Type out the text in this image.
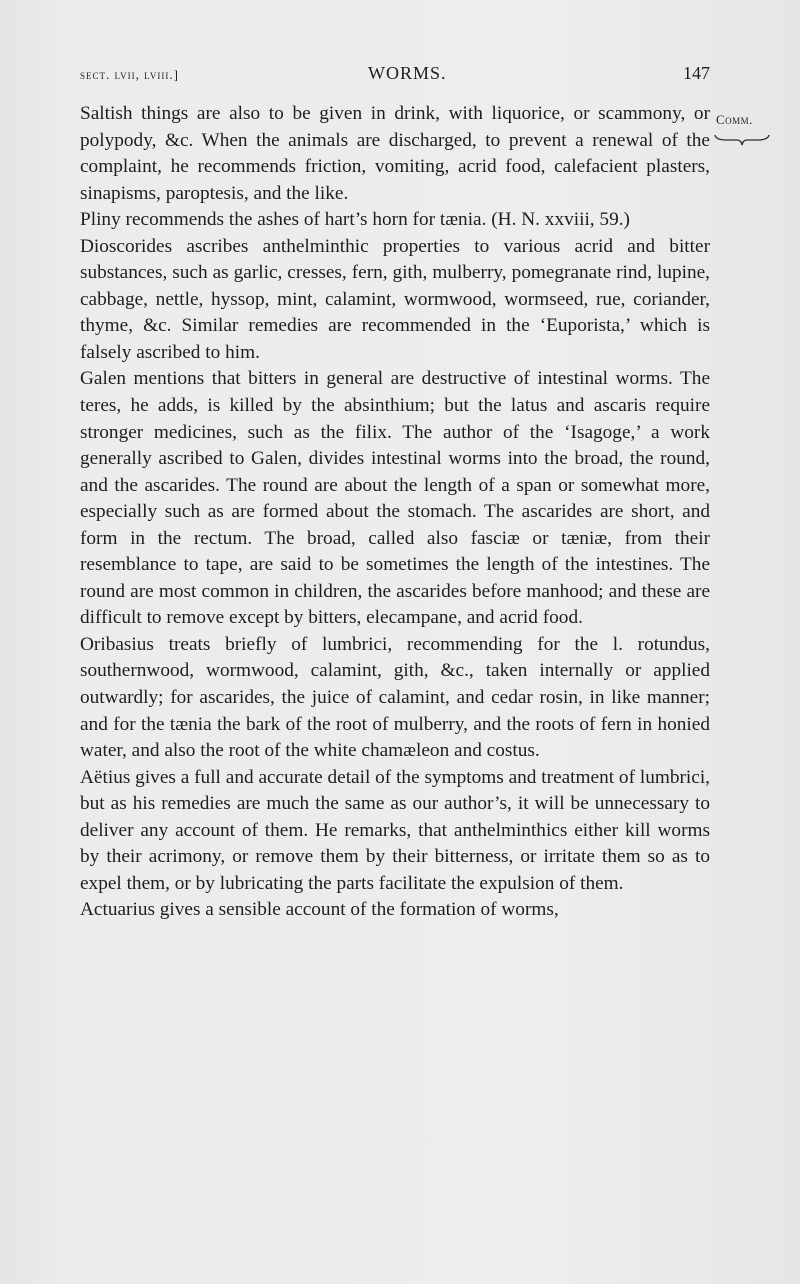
sect. lvii, lviii.]	WORMS.	147
Comm.

Saltish things are also to be given in drink, with liquorice, or scammony, or polypody, &c. When the animals are discharged, to prevent a renewal of the complaint, he recommends friction, vomiting, acrid food, calefacient plasters, sinapisms, paroptesis, and the like.

Pliny recommends the ashes of hart’s horn for tænia. (H. N. xxviii, 59.)

Dioscorides ascribes anthelminthic properties to various acrid and bitter substances, such as garlic, cresses, fern, gith, mulberry, pomegranate rind, lupine, cabbage, nettle, hyssop, mint, calamint, wormwood, wormseed, rue, coriander, thyme, &c. Similar remedies are recommended in the ‘Euporista,’ which is falsely ascribed to him.

Galen mentions that bitters in general are destructive of intestinal worms. The teres, he adds, is killed by the absinthium; but the latus and ascaris require stronger medicines, such as the filix. The author of the ‘Isagoge,’ a work generally ascribed to Galen, divides intestinal worms into the broad, the round, and the ascarides. The round are about the length of a span or somewhat more, especially such as are formed about the stomach. The ascarides are short, and form in the rectum. The broad, called also fasciæ or tæniæ, from their resemblance to tape, are said to be sometimes the length of the intestines. The round are most common in children, the ascarides before manhood; and these are difficult to remove except by bitters, elecampane, and acrid food.

Oribasius treats briefly of lumbrici, recommending for the l. rotundus, southernwood, wormwood, calamint, gith, &c., taken internally or applied outwardly; for ascarides, the juice of calamint, and cedar rosin, in like manner; and for the tænia the bark of the root of mulberry, and the roots of fern in honied water, and also the root of the white chamæleon and costus.

Aëtius gives a full and accurate detail of the symptoms and treatment of lumbrici, but as his remedies are much the same as our author’s, it will be unnecessary to deliver any account of them. He remarks, that anthelminthics either kill worms by their acrimony, or remove them by their bitterness, or irritate them so as to expel them, or by lubricating the parts facilitate the expulsion of them.

Actuarius gives a sensible account of the formation of worms,
